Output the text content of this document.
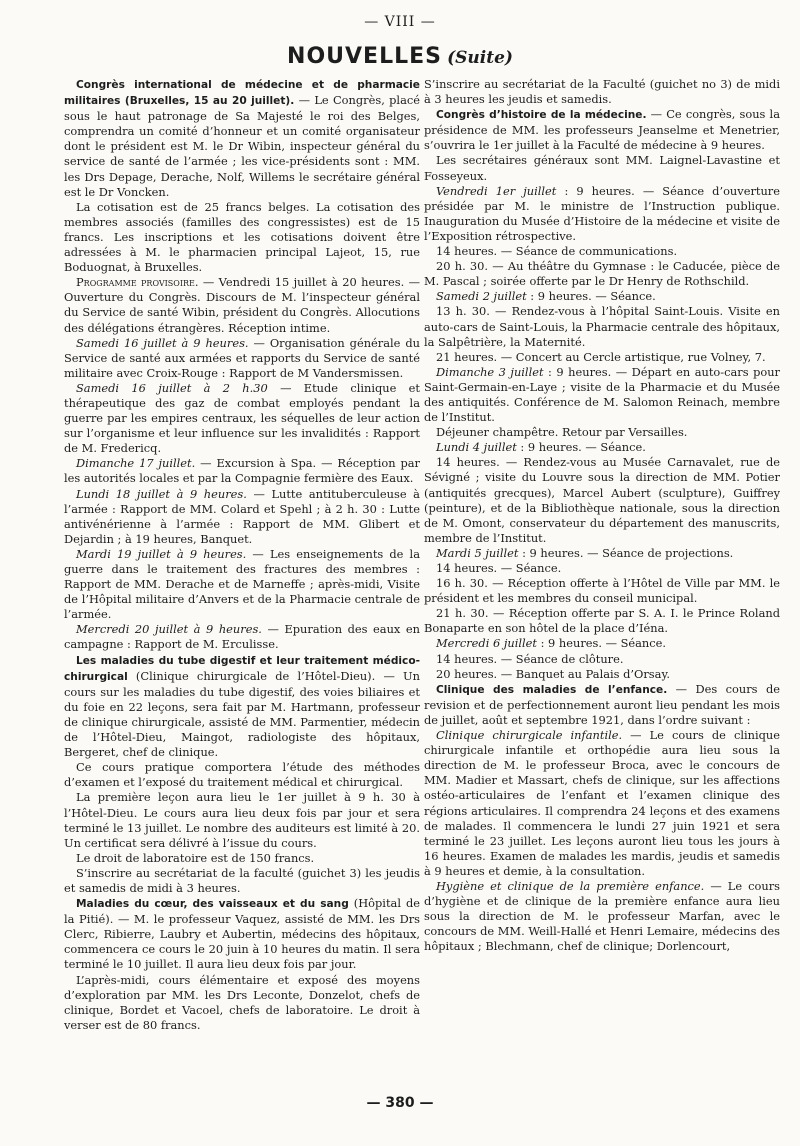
— VIII —
NOUVELLES (Suite)

Congrès international de médecine et de pharmacie militaires (Bruxelles, 15 au 20 juillet). — Le Congrès, placé sous le haut patronage de Sa Majesté le roi des Belges, comprendra un comité d’honneur et un comité organisateur dont le président est M. le Dr Wibin, inspecteur général du service de santé de l’armée ; les vice-présidents sont : MM. les Drs Depage, Derache, Nolf, Willems le secrétaire général est le Dr Voncken.

La cotisation est de 25 francs belges. La cotisation des membres associés (familles des congressistes) est de 15 francs. Les inscriptions et les cotisations doivent être adressées à M. le pharmacien principal Lajeot, 15, rue Boduognat, à Bruxelles.

Programme provisoire. — Vendredi 15 juillet à 20 heures. — Ouverture du Congrès. Discours de M. l’inspecteur général du Service de santé Wibin, président du Congrès. Allocutions des délégations étrangères. Réception intime.

Samedi 16 juillet à 9 heures. — Organisation générale du Service de santé aux armées et rapports du Service de santé militaire avec Croix-Rouge : Rapport de M Vandersmissen.

Samedi 16 juillet à 2 h.30 — Etude clinique et thérapeutique des gaz de combat employés pendant la guerre par les empires centraux, les séquelles de leur action sur l’organisme et leur influence sur les invalidités : Rapport de M. Fredericq.

Dimanche 17 juillet. — Excursion à Spa. — Réception par les autorités locales et par la Compagnie fermière des Eaux.

Lundi 18 juillet à 9 heures. — Lutte antituberculeuse à l’armée : Rapport de MM. Colard et Spehl ; à 2 h. 30 : Lutte antivénérienne à l’armée : Rapport de MM. Glibert et Dejardin ; à 19 heures, Banquet.

Mardi 19 juillet à 9 heures. — Les enseignements de la guerre dans le traitement des fractures des membres : Rapport de MM. Derache et de Marneffe ; après-midi, Visite de l’Hôpital militaire d’Anvers et de la Pharmacie centrale de l’armée.

Mercredi 20 juillet à 9 heures. — Epuration des eaux en campagne : Rapport de M. Erculisse.

Les maladies du tube digestif et leur traitement médico-chirurgical (Clinique chirurgicale de l’Hôtel-Dieu). — Un cours sur les maladies du tube digestif, des voies biliaires et du foie en 22 leçons, sera fait par M. Hartmann, professeur de clinique chirurgicale, assisté de MM. Parmentier, médecin de l’Hôtel-Dieu, Maingot, radiologiste des hôpitaux, Bergeret, chef de clinique.

Ce cours pratique comportera l’étude des méthodes d’examen et l’exposé du traitement médical et chirurgical.

La première leçon aura lieu le 1er juillet à 9 h. 30 à l’Hôtel-Dieu. Le cours aura lieu deux fois par jour et sera terminé le 13 juillet. Le nombre des auditeurs est limité à 20. Un certificat sera délivré à l’issue du cours.

Le droit de laboratoire est de 150 francs.

S’inscrire au secrétariat de la faculté (guichet 3) les jeudis et samedis de midi à 3 heures.

Maladies du cœur, des vaisseaux et du sang (Hôpital de la Pitié). — M. le professeur Vaquez, assisté de MM. les Drs Clerc, Ribierre, Laubry et Aubertin, médecins des hôpitaux, commencera ce cours le 20 juin à 10 heures du matin. Il sera terminé le 10 juillet. Il aura lieu deux fois par jour.

L’après-midi, cours élémentaire et exposé des moyens d’exploration par MM. les Drs Leconte, Donzelot, chefs de clinique, Bordet et Vacoel, chefs de laboratoire. Le droit à verser est de 80 francs.

S’inscrire au secrétariat de la Faculté (guichet no 3) de midi à 3 heures les jeudis et samedis.

Congrès d’histoire de la médecine. — Ce congrès, sous la présidence de MM. les professeurs Jeanselme et Menetrier, s’ouvrira le 1er juillet à la Faculté de médecine à 9 heures.

Les secrétaires généraux sont MM. Laignel-Lavastine et Fosseyeux.

Vendredi 1er juillet : 9 heures. — Séance d’ouverture présidée par M. le ministre de l’Instruction publique. Inauguration du Musée d’Histoire de la médecine et visite de l’Exposition rétrospective.

14 heures. — Séance de communications.

20 h. 30. — Au théâtre du Gymnase : le Caducée, pièce de M. Pascal ; soirée offerte par le Dr Henry de Rothschild.

Samedi 2 juillet : 9 heures. — Séance.

13 h. 30. — Rendez-vous à l’hôpital Saint-Louis. Visite en auto-cars de Saint-Louis, la Pharmacie centrale des hôpitaux, la Salpêtrière, la Maternité.

21 heures. — Concert au Cercle artistique, rue Volney, 7.

Dimanche 3 juillet : 9 heures. — Départ en auto-cars pour Saint-Germain-en-Laye ; visite de la Pharmacie et du Musée des antiquités. Conférence de M. Salomon Reinach, membre de l’Institut.

Déjeuner champêtre. Retour par Versailles.

Lundi 4 juillet : 9 heures. — Séance.

14 heures. — Rendez-vous au Musée Carnavalet, rue de Sévigné ; visite du Louvre sous la direction de MM. Potier (antiquités grecques), Marcel Aubert (sculpture), Guiffrey (peinture), et de la Bibliothèque nationale, sous la direction de M. Omont, conservateur du département des manuscrits, membre de l’Institut.

Mardi 5 juillet : 9 heures. — Séance de projections.

14 heures. — Séance.

16 h. 30. — Réception offerte à l’Hôtel de Ville par MM. le président et les membres du conseil municipal.

21 h. 30. — Réception offerte par S. A. I. le Prince Roland Bonaparte en son hôtel de la place d’Iéna.

Mercredi 6 juillet : 9 heures. — Séance.

14 heures. — Séance de clôture.

20 heures. — Banquet au Palais d’Orsay.

Clinique des maladies de l’enfance. — Des cours de revision et de perfectionnement auront lieu pendant les mois de juillet, août et septembre 1921, dans l’ordre suivant :

Clinique chirurgicale infantile. — Le cours de clinique chirurgicale infantile et orthopédie aura lieu sous la direction de M. le professeur Broca, avec le concours de MM. Madier et Massart, chefs de clinique, sur les affections ostéo-articulaires de l’enfant et l’examen clinique des régions articulaires. Il comprendra 24 leçons et des examens de malades. Il commencera le lundi 27 juin 1921 et sera terminé le 23 juillet. Les leçons auront lieu tous les jours à 16 heures. Examen de malades les mardis, jeudis et samedis à 9 heures et demie, à la consultation.

Hygiène et clinique de la première enfance. — Le cours d’hygiène et de clinique de la première enfance aura lieu sous la direction de M. le professeur Marfan, avec le concours de MM. Weill-Hallé et Henri Lemaire, médecins des hôpitaux ; Blechmann, chef de clinique; Dorlencourt,

— 380 —
